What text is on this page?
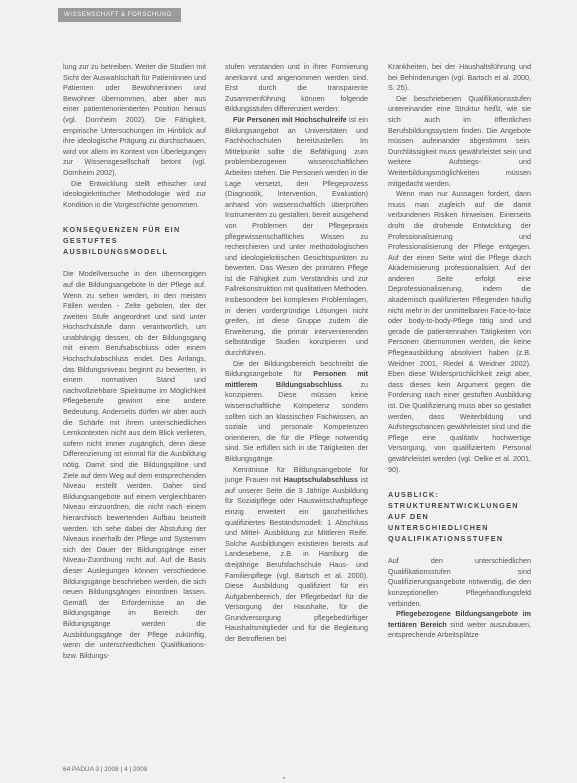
WISSENSCHAFT & FORSCHUNG

lung zur zu betreiben. Weiter die Studien mit Sicht der Auswahlschaft für Patientinnen und Patienten oder Bewohnerinnen und Bewohner übernommen, aber aber aus einer patientenorientierten Position heraus (vgl. Dornheim 2002). Die Fähigkeit, empirische Untersuchungen im Hinblick auf ihre ideologische Prägung zu durchschauen, wird vor allem im Kontext von Überlegungen zur Wissensgesellschaft betont (vgl. Dornheim 2002).

Die Entwicklung stellt ethischer und ideologiekritischer Methodologie wird zur Kondition in die Vorgeschichte genommen.

KONSEQUENZEN FÜR EIN GESTUFTES AUSBILDUNGSMODELL

Die Modellversuche in den übermorgigen auf die Bildungsangebote in der Pflege auf. Wenn zu sehen werden, in den meisten Fällen werden - Zelte geboten, der der zweiten Stufe angeordnet und sind unter Hochschulstufe dann verantwortlich, um unabhängig dessen, ob der Bildungsgang mit einem Berufsabschluss oder einem Hochschulabschluss endet. Des Anfangs, das Bildungsniveau beginnt zu bewerten, in einem normativen Stand und nachvollziehbare Spielräume im Möglichkeit Pflegeberufe gewinnt eine andere Bedeutung. Anderseits dürfen wir aber auch die Schärfe mit ihrem unterschiedlichen Lernkontexten nicht aus dem Blick verlieren, sofern nicht immer zugänglich, denn diese Differenzierung ist einmal für die Ausbildung nötig. Damit sind die Bildungspläne und Ziele auf dem Weg auf dem entsprechenden Niveau erstellt werden. Daher sind Bildungsangebote auf einem vergleichbaren Niveau einzuordnen, die nicht nach einem hierarchisch bewertenden Aufbau beurteilt werden. Ich sehe dabei der Abstufung der Niveaus innerhalb der Pflege und Systemen sich der Dauer der Bildungsgänge einer Niveau-Zuordnung nicht auf. Auf die Basis dieser Auslegungen können verschiedene Bildungsgänge beschrieben werden, die sich neuen Bildungsgängen einordnen lassen. Gemäß der Erfordernisse an die Bildungsgänge im Bereich der Bildungsgänge werden die Ausbildungsgänge der Pflege zukünftig, wenn die unterschiedlichen Qualifikations- bzw. Bildungs-

stufen verstanden und in ihrer Formierung anerkannt und angenommen werden sind. Erst durch die transparente Zusammenführung können folgende Bildungsstufen differenziert werden:

Für Personen mit Hochschulreife ist ein Bildungsangebot an Universitäten und Fachhochschulen bereitzustellen. Im Mittelpunkt sollte die Befähigung zum problembezogenen wissenschaftlichen Arbeiten stehen. Die Personen werden in die Lage versetzt, den Pflegeprozess (Diagnostik, Intervention, Evaluation) anhand von wissenschaftlich überprüften Instrumenten zu gestalten, bereit ausgehend von Problemen der Pflegepraxis pflegewissenschaftliches Wissen zu recherchieren und unter methodologischen und ideologiekritischen Gesichtspunkten zu bewerten. Das Wesen der primären Pflege ist die Fähigkeit zum Verständnis und zur Fallrekonstruktion mit qualitativen Methoden. Insbesondere bei komplexen Problemlagen, in denen vordergründige Lösungen nicht greifen, ist diese Gruppe zudem die Erweiterung, die primär intervenierenden selbständige Studien konzipieren und durchführen.

Die der Bildungsbereich beschreibt die Bildungsangebote für Personen mit mittlerem Bildungsabschluss zu konzipieren. Diese müssen keine wissenschaftliche Kompetenz sondern sollten sich an klassischen Fachwissen, an soziale und personale Kompetenzen orientieren, die für die Pflege notwendig sind. Sie erfüllen sich in die Tätigkeiten der Bildungsgänge.

Kenntnisse für Bildungsangebote für junge Frauen mit Hauptschulabschluss ist auf unserer Seite die 3 Jährige Ausbildung für Sozialpflege oder Hauswirtschaftspflege einzig erweitert ein ganzheitliches qualifiziertes Bestandsmodell: 1 Abschluss und Mittel- Ausbildung zur Mittleren Reife. Solche Ausbildungen existieren bereits auf Landesebene, z.B. in Hamburg die dreijährige Berufsfachschule Haus- und Familienpflege (vgl. Bartsch et al. 2000). Diese Ausbildung qualifiziert für ein Aufgabenbereich, der Pflegebedarf für die Versorgung der Haushalte, für die Grundversorgung pflegebedürftiger Haushaltsmitglieder und für die Begleitung der Betroffenen bei

Krankheiten, bei der Haushaltsführung und bei Behinderungen (vgl. Bartsch et al. 2000, S. 25).

Die beschriebenen Qualifikationsstufen untereinander eine Struktur heißt, wie sie sich auch im öffentlichen Berufsbildungssystem finden. Die Angebote müssen aufeinander abgestimmt sein. Durchlässigkeit muss gewährleistet sein und weitere Aufstiegs- und Weiterbildungsmöglichkeiten müssen mitgedacht werden.

Wenn man nur Aussagen fordert, dann muss man zugleich auf die damit verbundenen Risiken hinweisen. Einerseits droht die drohende Entwicklung der Professionalisierung und Professionalisierung der Pflege entgegen. Auf der einen Seite wird die Pflege durch Akademisierung professionalisiert. Auf der anderen Seite erfolgt eine Deprofessionalisierung, indem die akademisch qualifizierten Pflegenden häufig nicht mehr in der unmittelbaren Face-to-face oder body-to-body-Pflege tätig sind und gerade die patientennahen Tätigkeiten von Personen übernommen werden, die keine Pflegeausbildung absolviert haben (z.B. Weidner 2001, Riedel & Weidner 2002). Eben diese Widersprüchlichkeit zeigt aber, dass dieses kein Argument gegen die Forderung nach einer gestuften Ausbildung ist. Die Qualifizierung muss aber so gestaltet werden, dass Weiterbildung und Aufstiegschancen gewährleistet sind und die Pflege eine qualitativ hochwertige Versorgung, von qualifiziertem Personal gewährleistet werden (vgl. Oelke et al. 2001, 90).

AUSBLICK: STRUKTURENTWICKLUNGEN AUF DEN UNTERSCHIEDLICHEN QUALIFIKATIONSSTUFEN

Auf den unterschiedlichen Qualifikationsstufen sind Qualifizierungsangebote notwendig, die den konzeptionellen Pflegehandlungsfeld verbinden.

Pflegebezogene Bildungsangebote im tertiären Bereich sind weiter auszubauen, entsprechende Arbeitsplätze

64 PADUA 3 | 2008 | 4 | 2008
